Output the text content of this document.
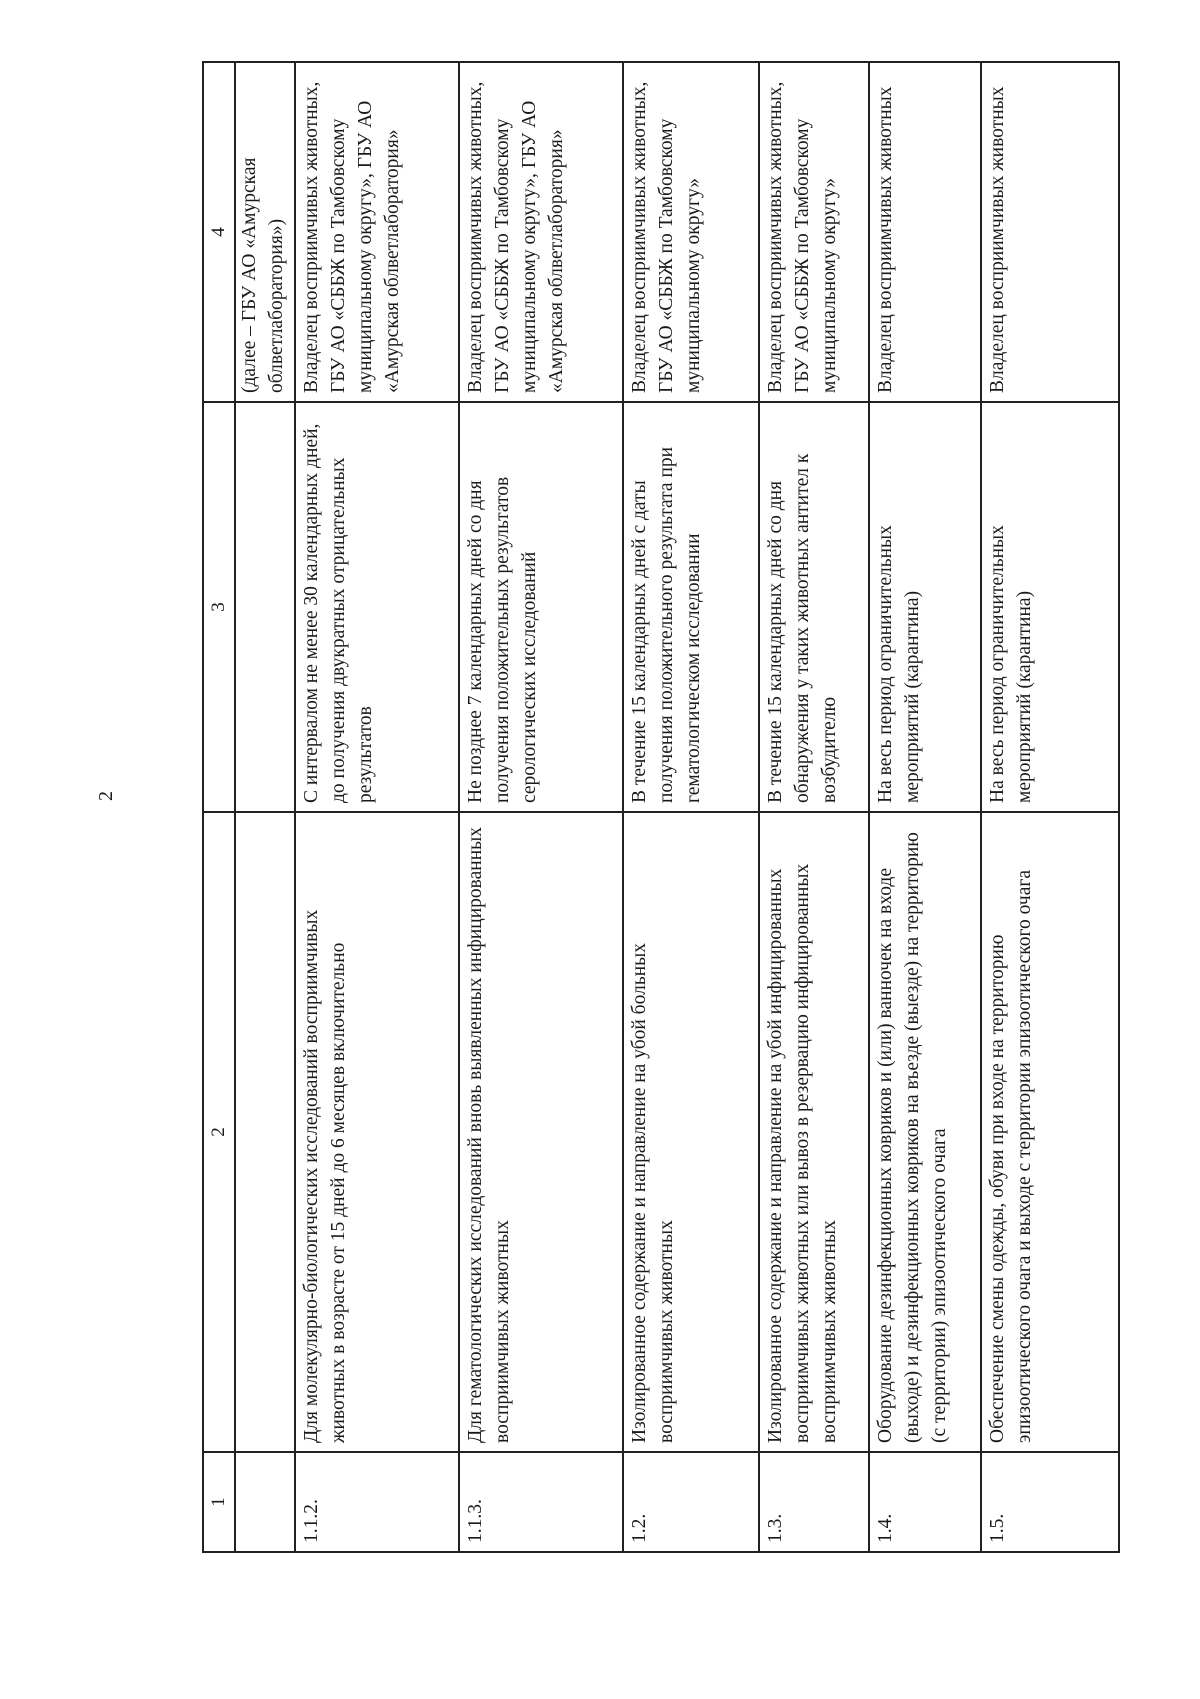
2
1	2	3	4
			(далее – ГБУ АО «Амурская облветлаборатория»)
1.1.2.	Для молекулярно-биологических исследований восприимчивых животных в возрасте от 15 дней до 6 месяцев включительно	С интервалом не менее 30 календарных дней, до получения двукратных отрицательных результатов	Владелец восприимчивых животных, ГБУ АО «СББЖ по Тамбовскому муниципальному округу», ГБУ АО «Амурская облветлаборатория»
1.1.3.	Для гематологических исследований вновь выявленных инфицированных восприимчивых животных	Не позднее 7 календарных дней со дня получения положительных результатов серологических исследований	Владелец восприимчивых животных, ГБУ АО «СББЖ по Тамбовскому муниципальному округу», ГБУ АО «Амурская облветлаборатория»
1.2.	Изолированное содержание и направление на убой больных восприимчивых животных	В течение 15 календарных дней с даты получения положительного результата при гематологическом исследовании	Владелец восприимчивых животных, ГБУ АО «СББЖ по Тамбовскому муниципальному округу»
1.3.	Изолированное содержание и направление на убой инфицированных восприимчивых животных или вывоз в резервацию инфицированных восприимчивых животных	В течение 15 календарных дней со дня обнаружения у таких животных антител к возбудителю	Владелец восприимчивых животных, ГБУ АО «СББЖ по Тамбовскому муниципальному округу»
1.4.	Оборудование дезинфекционных ковриков и (или) ванночек на входе (выходе) и дезинфекционных ковриков на въезде (выезде) на территорию (с территории) эпизоотического очага	На весь период ограничительных мероприятий (карантина)	Владелец восприимчивых животных
1.5.	Обеспечение смены одежды, обуви при входе на территорию эпизоотического очага и выходе с территории эпизоотического очага	На весь период ограничительных мероприятий (карантина)	Владелец восприимчивых животных
